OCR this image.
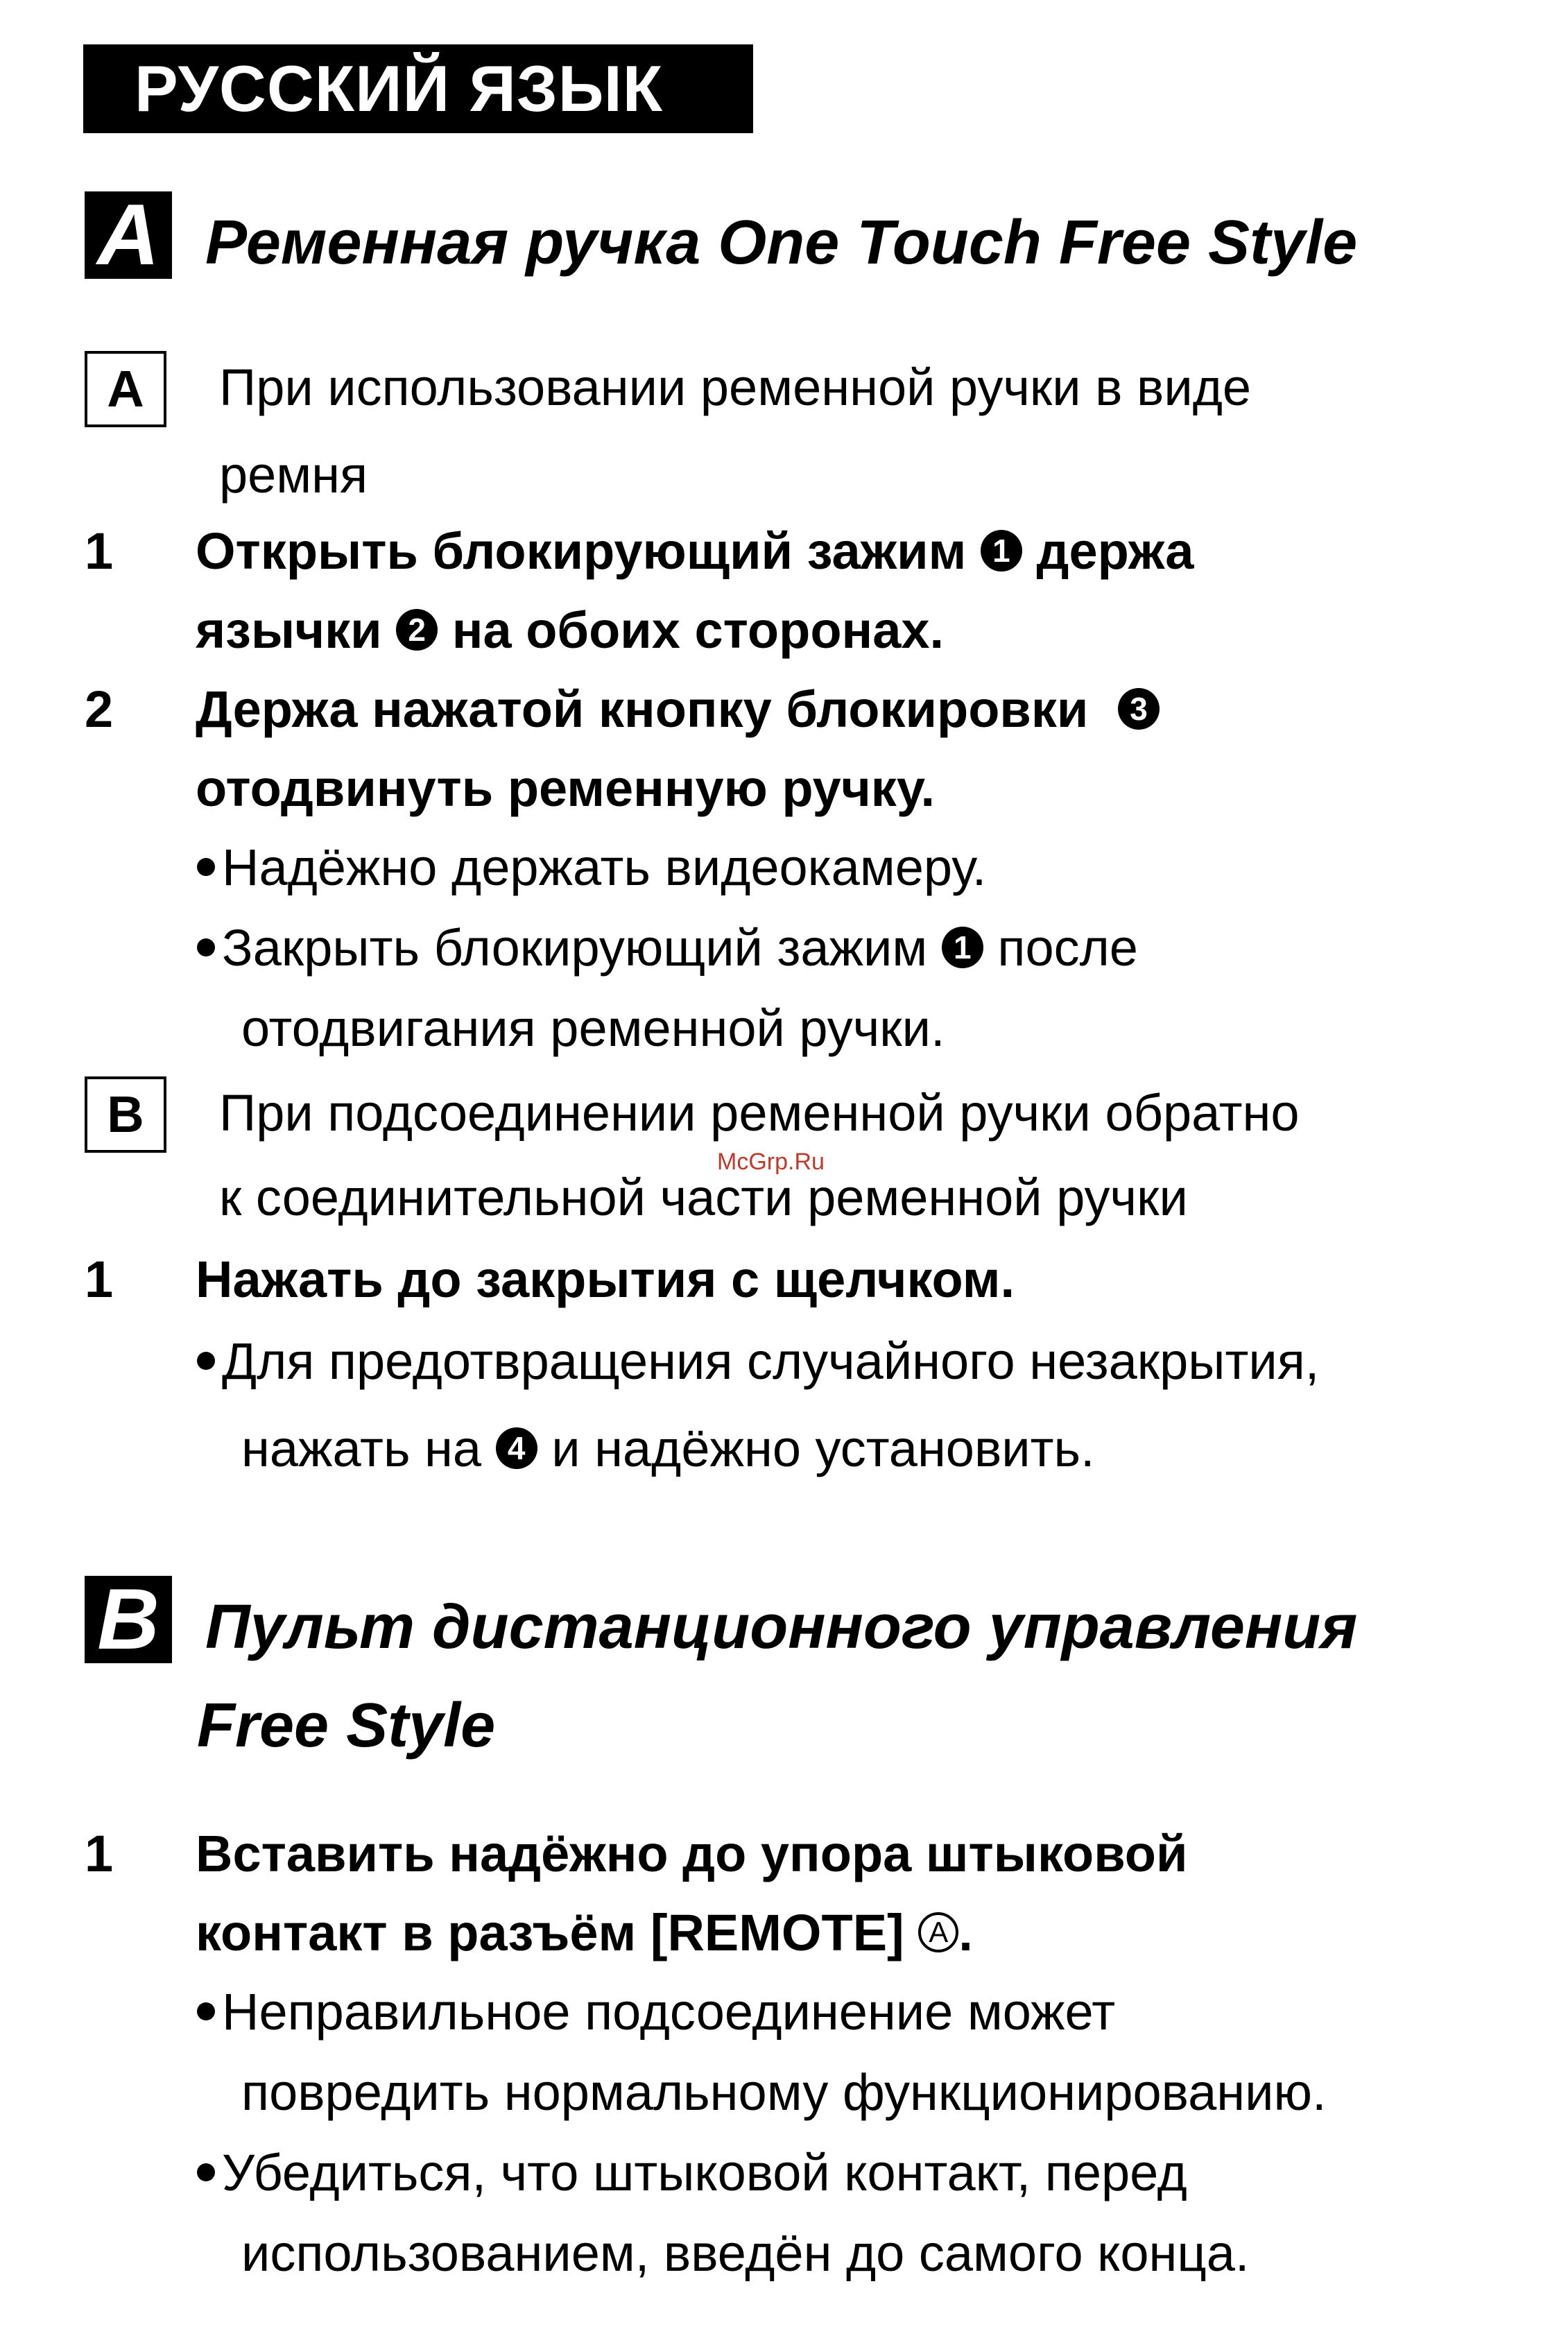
РУССКИЙ ЯЗЫК
A Ременная ручка One Touch Free Style
A	При использовании ременной ручки в виде
ремня
1 Открыть блокирующий зажим 1 держа
язычки 2 на обоих сторонах.
2 Держа нажатой кнопку блокировки 3
отодвинуть ременную ручку.
Надёжно держать видеокамеру.
Закрыть блокирующий зажим 1 после
отодвигания ременной ручки.
B	При подсоединении ременной ручки обратно
к соединительной части ременной ручки
McGrp.Ru
1 Нажать до закрытия с щелчком.
Для предотвращения случайного незакрытия,
нажать на 4 и надёжно установить.
B Пульт дистанционного управления
Free Style
1 Вставить надёжно до упора штыковой
контакт в разъём [REMOTE] A .
Неправильное подсоединение может
повредить нормальному функционированию.
Убедиться, что штыковой контакт, перед
использованием, введён до самого конца.
